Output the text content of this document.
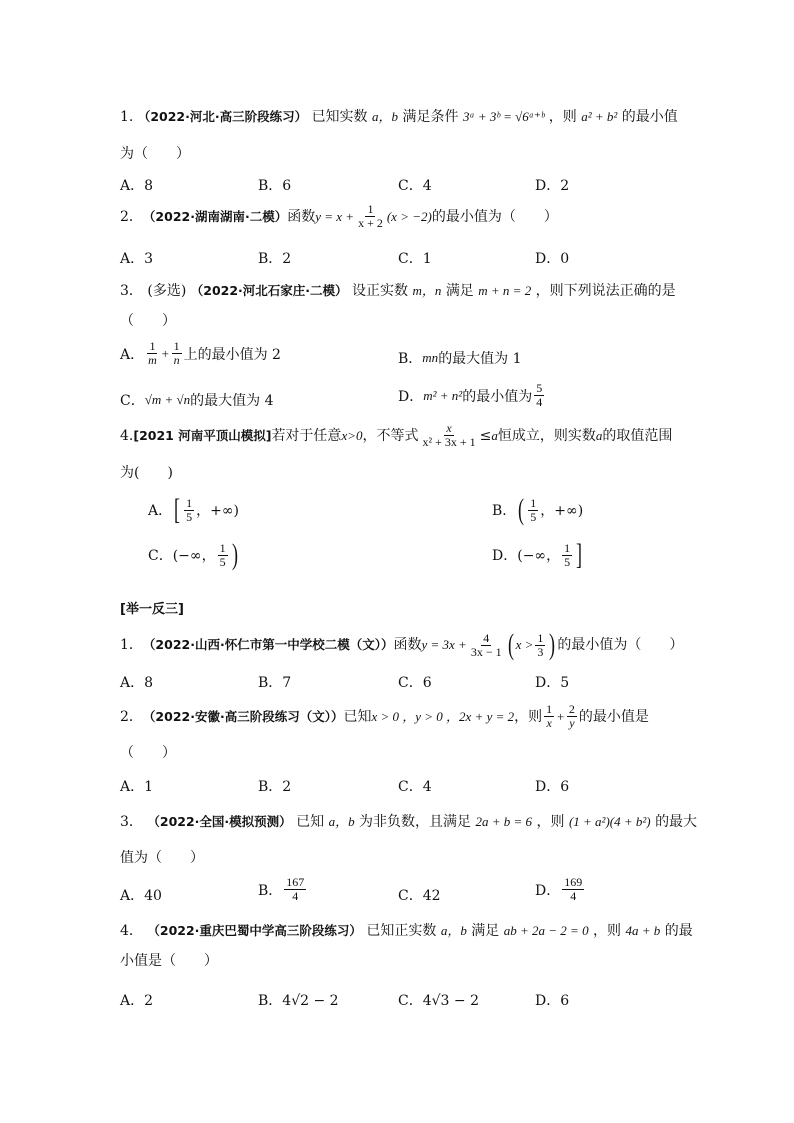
1. （2022·河北·高三阶段练习） 已知实数 a，b 满足条件 3ᵃ + 3ᵇ = √6ᵃ⁺ᵇ ，则 a² + b² 的最小值
为（　　）
A．8	B．6	C．4	D．2
2． （2022·湖南湖南·二模） 函数 $y = x + \frac{1}{x + 2} (x > -2)$ 的最小值为（　　）
A．3	B．2	C．1	D．0
3． (多选) （2022·河北石家庄·二模） 设正实数 m，n 满足 m + n = 2 ，则下列说法正确的是
（　　）
A． $\frac{1}{m} + \frac{1}{n}$ 上的最小值为 2	B． mn 的最大值为 1
C． √m + √n 的最大值为 4	D． m² + n² 的最小值为 $\frac{5}{4}$
4. [2021 河南平顶山模拟] 若对于任意 x>0 ，不等式 $\frac{x}{\text{x² + 3x + 1}} \le a$ 恒成立，则实数 a 的取值范围
为(　　)
A． [ $\frac{1}{5}$ ，+∞)	B． ( $\frac{1}{5}$ ，+∞)
C． (−∞， $\frac{1}{5}$ )	D． (−∞， $\frac{1}{5}$ ]
[举一反三]
1． （2022·山西·怀仁市第一中学校二模（文）） 函数 $y = 3x + \frac{4}{3x - 1}$ ( $x > \frac{1}{3}$ ) 的最小值为（　　）
A．8	B．7	C．6	D．5
2． （2022·安徽·高三阶段练习（文）） 已知 x > 0 ，y > 0 ，2x + y = 2 ，则 $\frac{1}{x} + \frac{2}{y}$ 的最小值是
（　　）
A．1	B．2	C．4	D．6
3． （2022·全国·模拟预测） 已知 a，b 为非负数，且满足 2a + b = 6 ，则 (1 + a²)(4 + b²) 的最大
值为（　　）
A．40	B． $\frac{167}{4}$	C．42	D． $\frac{169}{4}$
4． （2022·重庆巴蜀中学高三阶段练习） 已知正实数 a，b 满足 ab + 2a − 2 = 0 ，则 4a + b 的最
小值是（　　）
A．2	B．4√2 − 2	C．4√3 − 2	D．6
